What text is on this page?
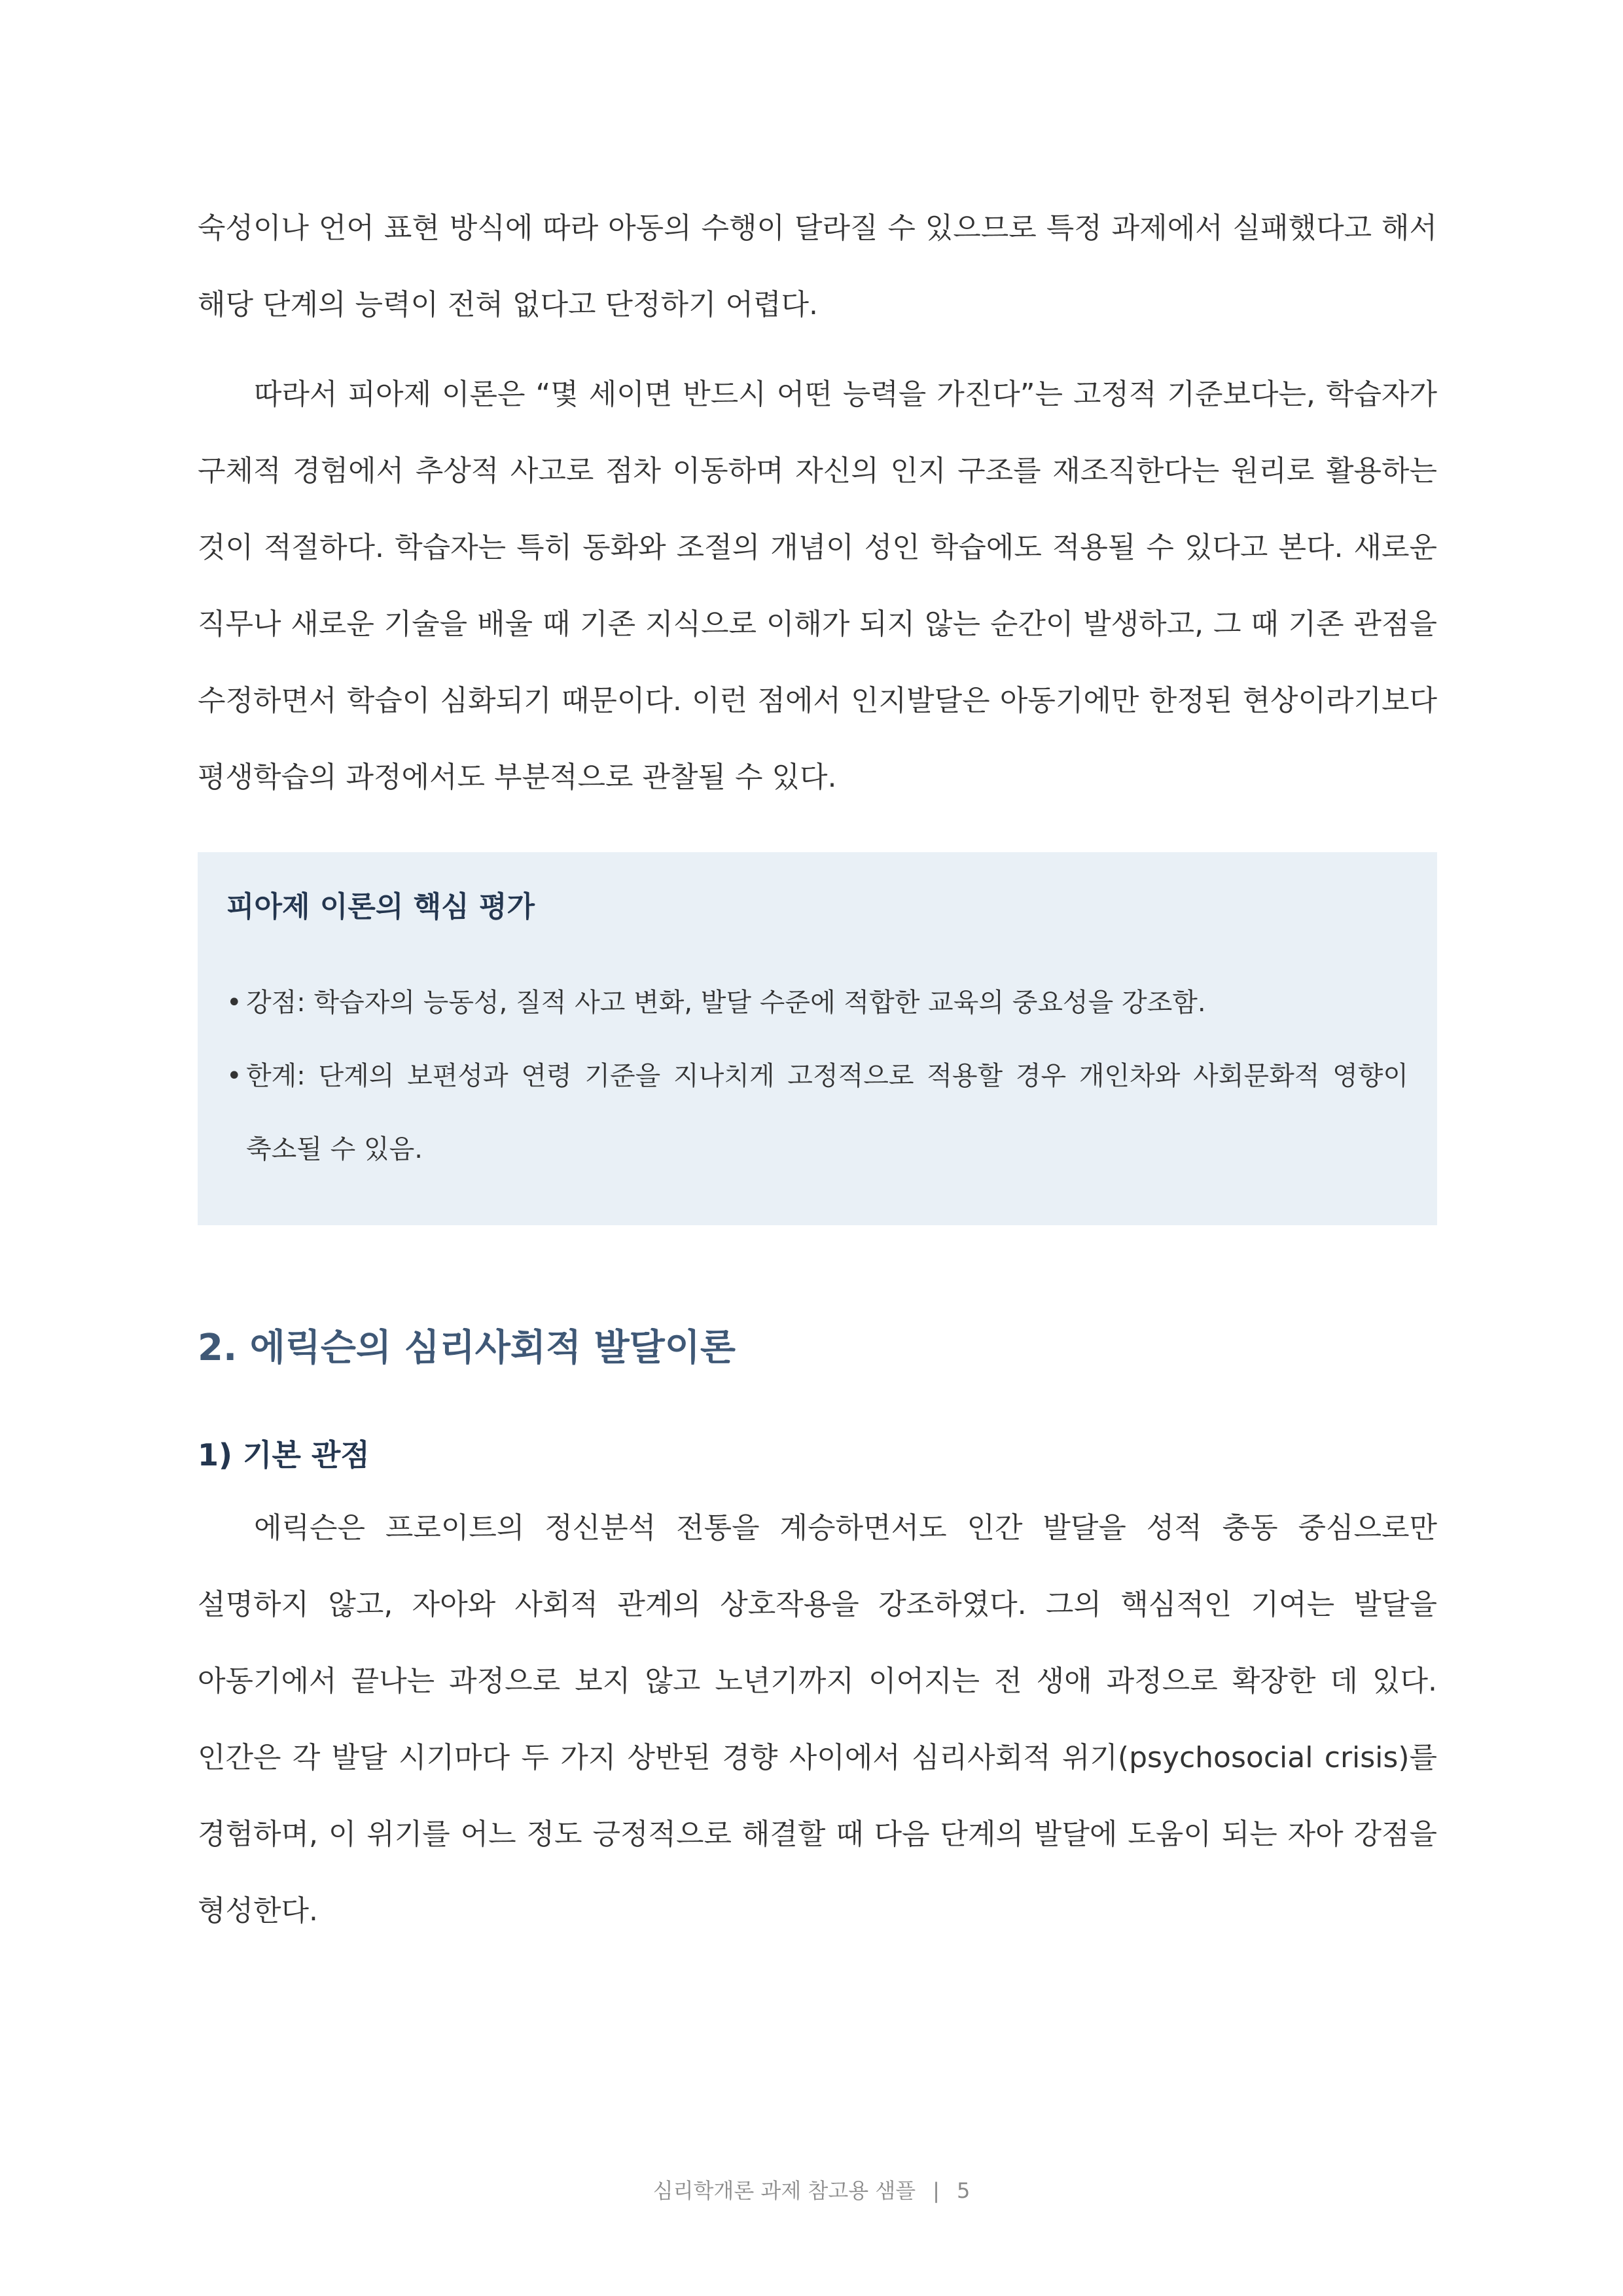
숙성이나 언어 표현 방식에 따라 아동의 수행이 달라질 수 있으므로 특정 과제에서 실패했다고 해서 해당 단계의 능력이 전혀 없다고 단정하기 어렵다.

따라서 피아제 이론은 “몇 세이면 반드시 어떤 능력을 가진다”는 고정적 기준보다는, 학습자가 구체적 경험에서 추상적 사고로 점차 이동하며 자신의 인지 구조를 재조직한다는 원리로 활용하는 것이 적절하다. 학습자는 특히 동화와 조절의 개념이 성인 학습에도 적용될 수 있다고 본다. 새로운 직무나 새로운 기술을 배울 때 기존 지식으로 이해가 되지 않는 순간이 발생하고, 그 때 기존 관점을 수정하면서 학습이 심화되기 때문이다. 이런 점에서 인지발달은 아동기에만 한정된 현상이라기보다 평생학습의 과정에서도 부분적으로 관찰될 수 있다.

피아제 이론의 핵심 평가
• 강점: 학습자의 능동성, 질적 사고 변화, 발달 수준에 적합한 교육의 중요성을 강조함.
• 한계: 단계의 보편성과 연령 기준을 지나치게 고정적으로 적용할 경우 개인차와 사회문화적 영향이 축소될 수 있음.
2. 에릭슨의 심리사회적 발달이론
1) 기본 관점

에릭슨은 프로이트의 정신분석 전통을 계승하면서도 인간 발달을 성적 충동 중심으로만 설명하지 않고, 자아와 사회적 관계의 상호작용을 강조하였다. 그의 핵심적인 기여는 발달을 아동기에서 끝나는 과정으로 보지 않고 노년기까지 이어지는 전 생애 과정으로 확장한 데 있다. 인간은 각 발달 시기마다 두 가지 상반된 경향 사이에서 심리사회적 위기(psychosocial crisis)를 경험하며, 이 위기를 어느 정도 긍정적으로 해결할 때 다음 단계의 발달에 도움이 되는 자아 강점을 형성한다.

심리학개론 과제 참고용 샘플 | 5
